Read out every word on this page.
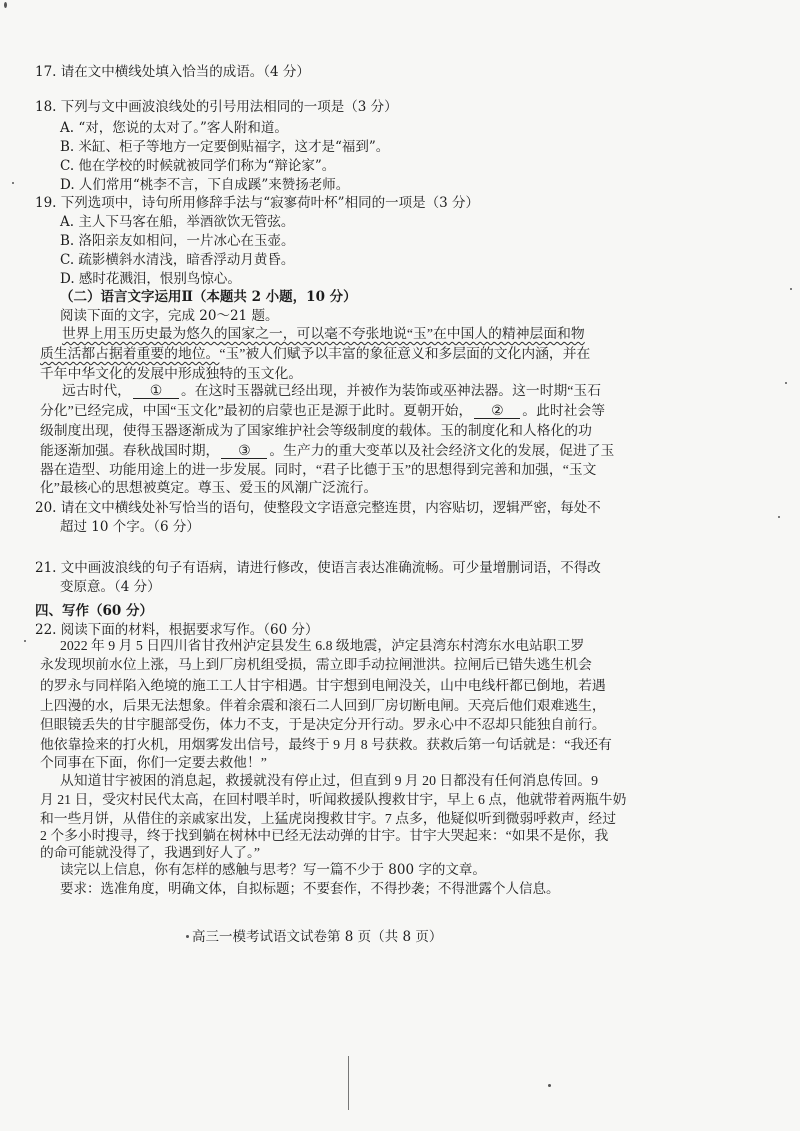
17. 请在文中横线处填入恰当的成语。（4 分）
18. 下列与文中画波浪线处的引号用法相同的一项是（3 分）
A. “对，您说的太对了。”客人附和道。
B. 米缸、柜子等地方一定要倒贴福字，这才是“福到”。
C. 他在学校的时候就被同学们称为“辩论家”。
D. 人们常用“桃李不言，下自成蹊”来赞扬老师。
19. 下列选项中，诗句所用修辞手法与“寂寥荷叶杯”相同的一项是（3 分）
A. 主人下马客在船，举酒欲饮无管弦。
B. 洛阳亲友如相问，一片冰心在玉壶。
C. 疏影横斜水清浅，暗香浮动月黄昏。
D. 感时花溅泪，恨别鸟惊心。
（二）语言文字运用Ⅱ（本题共 2 小题，10 分）
阅读下面的文字，完成 20～21 题。
世界上用玉历史最为悠久的国家之一，可以毫不夸张地说“玉”在中国人的精神层面和物
质生活都占据着重要的地位。“玉”被人们赋予以丰富的象征意义和多层面的文化内涵，并在
千年中华文化的发展中形成独特的玉文化。
远古时代， ① 。在这时玉器就已经出现，并被作为装饰或巫神法器。这一时期“玉石
分化”已经完成，中国“玉文化”最初的启蒙也正是源于此时。夏朝开始， ② 。此时社会等
级制度出现，使得玉器逐渐成为了国家维护社会等级制度的载体。玉的制度化和人格化的功
能逐渐加强。春秋战国时期， ③ 。生产力的重大变革以及社会经济文化的发展，促进了玉
器在造型、功能用途上的进一步发展。同时，“君子比德于玉”的思想得到完善和加强，“玉文
化”最核心的思想被奠定。尊玉、爱玉的风潮广泛流行。
20. 请在文中横线处补写恰当的语句，使整段文字语意完整连贯，内容贴切，逻辑严密，每处不
超过 10 个字。（6 分）
21. 文中画波浪线的句子有语病，请进行修改，使语言表达准确流畅。可少量增删词语，不得改
变原意。（4 分）
四、写作（60 分）
22. 阅读下面的材料，根据要求写作。（60 分）
2022 年 9 月 5 日四川省甘孜州泸定县发生 6.8 级地震，泸定县湾东村湾东水电站职工罗
永发现坝前水位上涨，马上到厂房机组受损，需立即手动拉闸泄洪。拉闸后已错失逃生机会
的罗永与同样陷入绝境的施工工人甘宇相遇。甘宇想到电闸没关，山中电线杆都已倒地，若遇
上四漫的水，后果无法想象。伴着余震和滚石二人回到厂房切断电闸。天亮后他们艰难逃生，
但眼镜丢失的甘宇腿部受伤，体力不支，于是决定分开行动。罗永心中不忍却只能独自前行。
他依靠捡来的打火机，用烟雾发出信号，最终于 9 月 8 号获救。获救后第一句话就是：“我还有
个同事在下面，你们一定要去救他！”
从知道甘宇被困的消息起，救援就没有停止过，但直到 9 月 20 日都没有任何消息传回。9
月 21 日，受灾村民代太高，在回村喂羊时，听闻救援队搜救甘宇，早上 6 点，他就带着两瓶牛奶
和一些月饼，从借住的亲戚家出发，上猛虎岗搜救甘宇。7 点多，他疑似听到微弱呼救声，经过
2 个多小时搜寻，终于找到躺在树林中已经无法动弹的甘宇。甘宇大哭起来：“如果不是你，我
的命可能就没得了，我遇到好人了。”
读完以上信息，你有怎样的感触与思考？写一篇不少于 800 字的文章。
要求：选准角度，明确文体，自拟标题；不要套作，不得抄袭；不得泄露个人信息。
高三一模考试语文试卷第 8 页（共 8 页）
